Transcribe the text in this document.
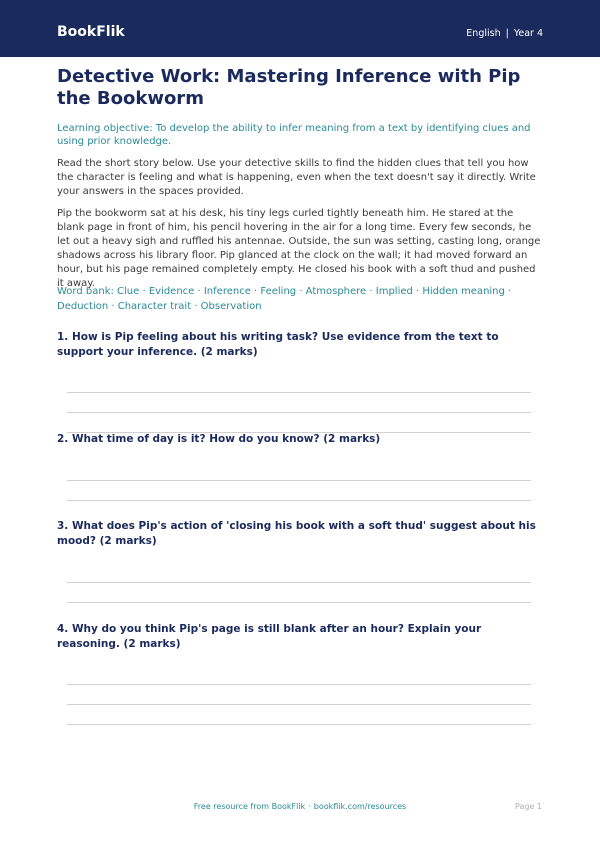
BookFlik	English | Year 4
Detective Work: Mastering Inference with Pip the Bookworm

Learning objective: To develop the ability to infer meaning from a text by identifying clues and using prior knowledge.

Read the short story below. Use your detective skills to find the hidden clues that tell you how the character is feeling and what is happening, even when the text doesn't say it directly. Write your answers in the spaces provided.

Pip the bookworm sat at his desk, his tiny legs curled tightly beneath him. He stared at the blank page in front of him, his pencil hovering in the air for a long time. Every few seconds, he let out a heavy sigh and ruffled his antennae. Outside, the sun was setting, casting long, orange shadows across his library floor. Pip glanced at the clock on the wall; it had moved forward an hour, but his page remained completely empty. He closed his book with a soft thud and pushed it away.

Word bank: Clue · Evidence · Inference · Feeling · Atmosphere · Implied · Hidden meaning · Deduction · Character trait · Observation

1. How is Pip feeling about his writing task? Use evidence from the text to support your inference. (2 marks)
2. What time of day is it? How do you know? (2 marks)
3. What does Pip's action of 'closing his book with a soft thud' suggest about his mood? (2 marks)
4. Why do you think Pip's page is still blank after an hour? Explain your reasoning. (2 marks)
Free resource from BookFlik · bookflik.com/resources	Page 1
